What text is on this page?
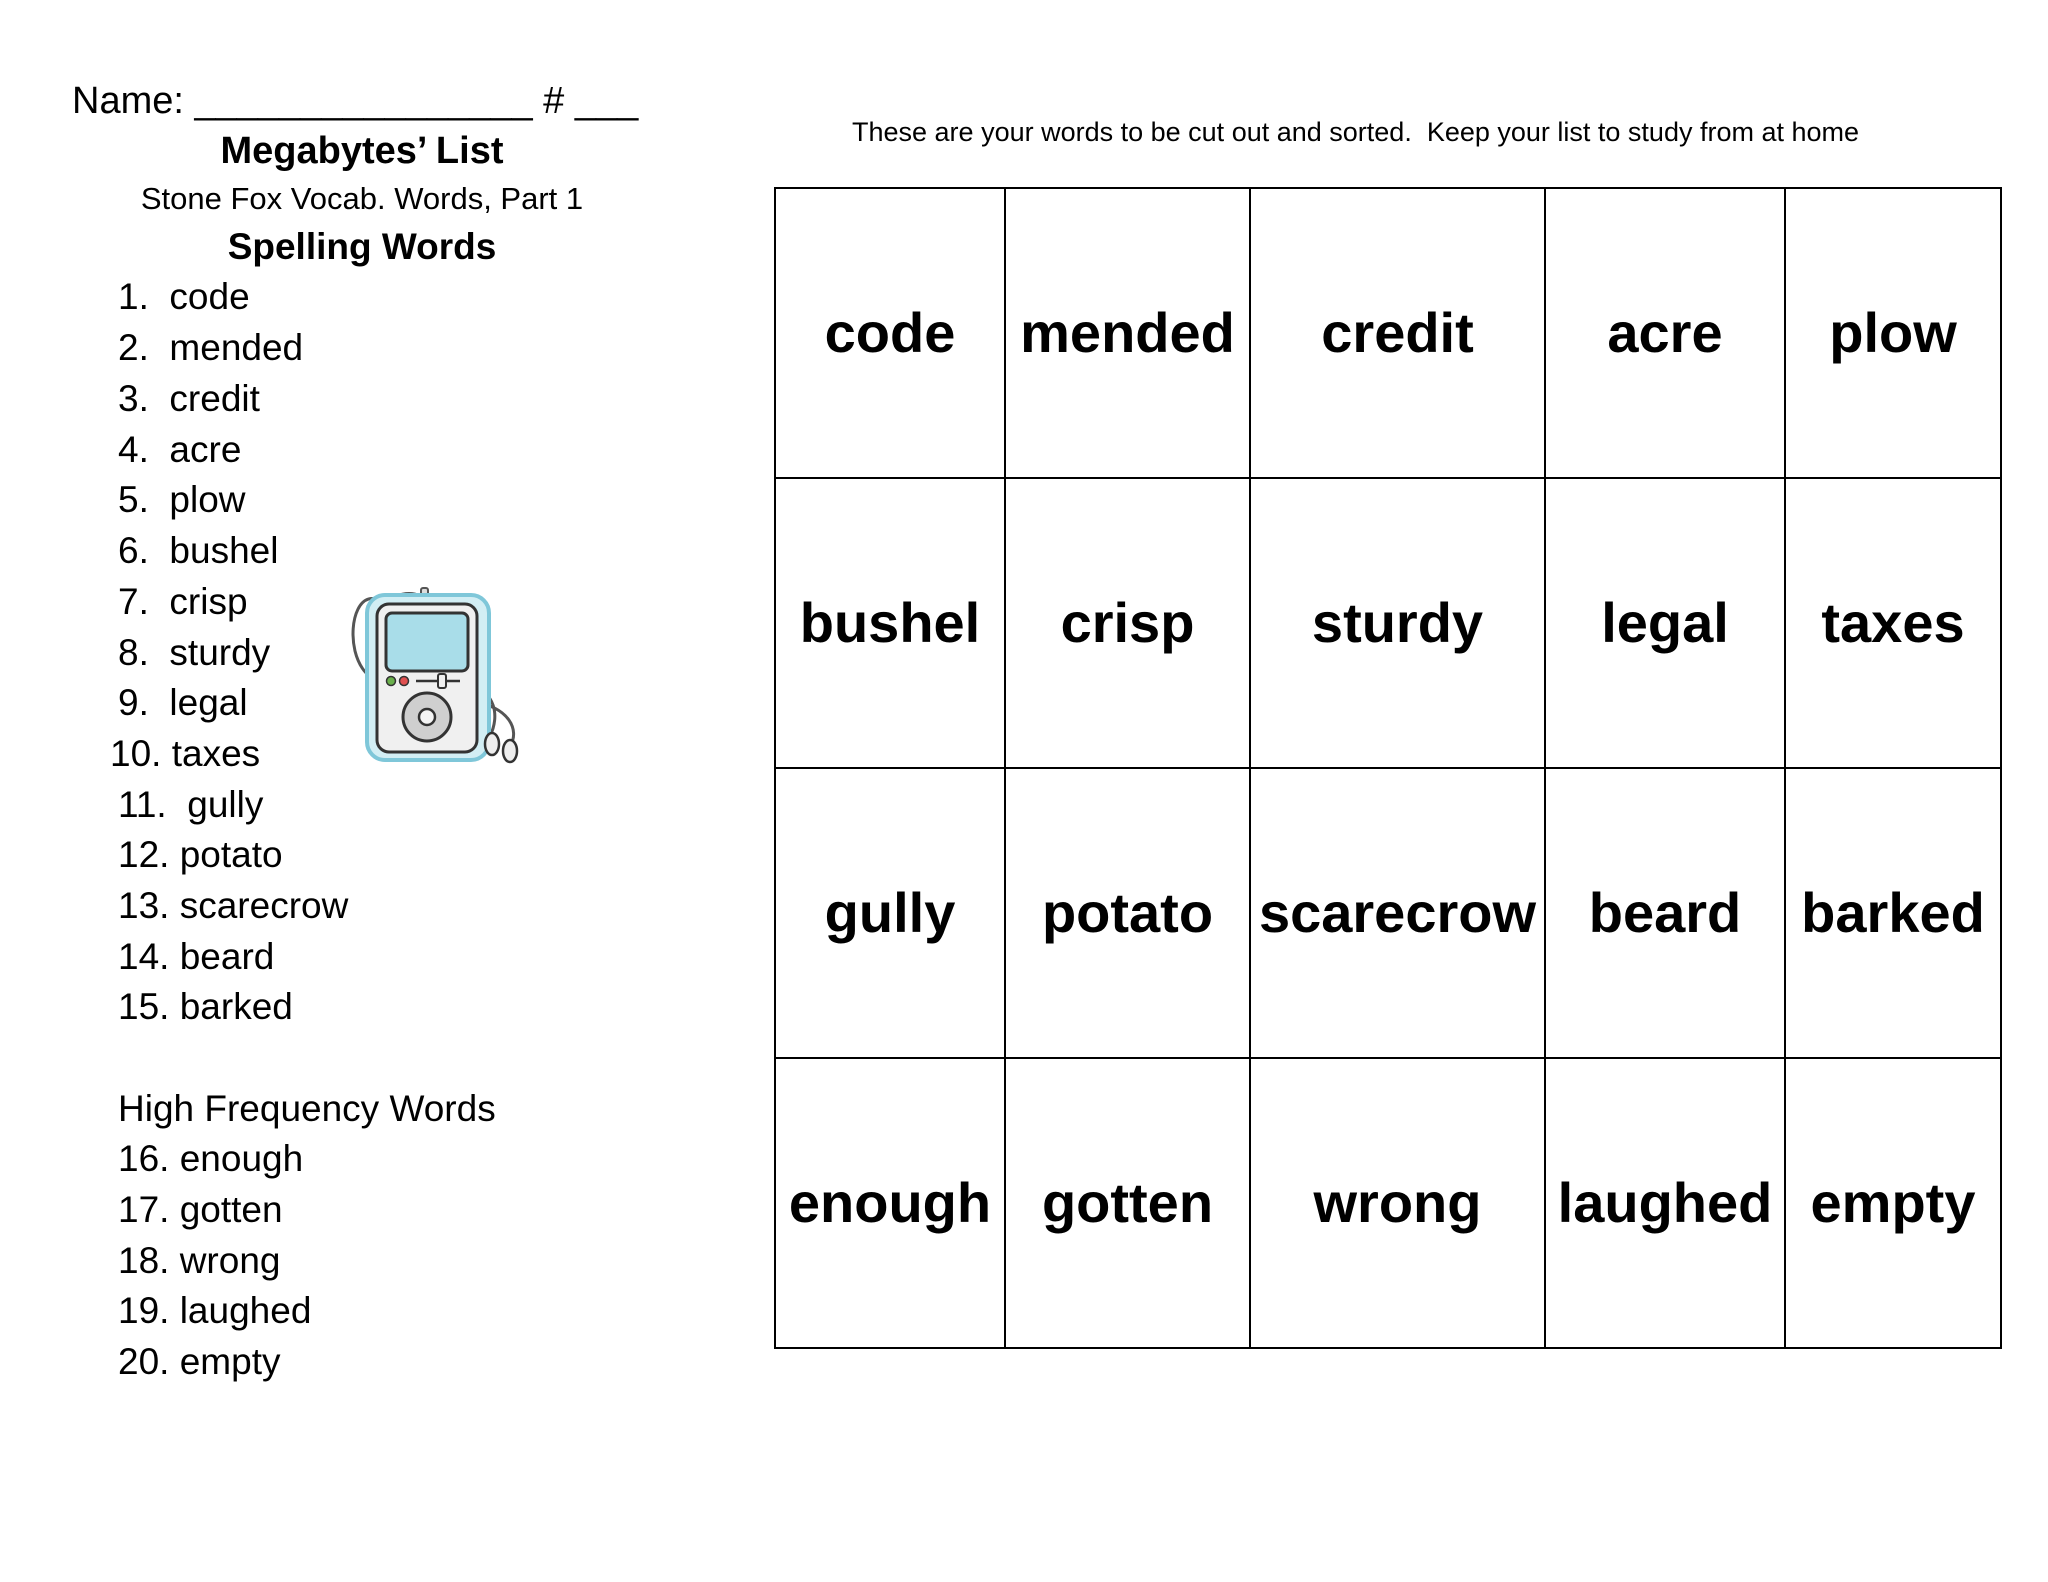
Name: ________________ # ___
Megabytes’ List
Stone Fox Vocab. Words, Part 1
Spelling Words
1.  code
2.  mended
3.  credit
4.  acre
5.  plow
6.  bushel
7.  crisp
8.  sturdy
9.  legal
10. taxes
11.  gully
12. potato
13. scarecrow
14. beard
15. barked
High Frequency Words
16. enough
17. gotten
18. wrong
19. laughed
20. empty
These are your words to be cut out and sorted.  Keep your list to study from at home
code	mended	credit	acre	plow
bushel	crisp	sturdy	legal	taxes
gully	potato	scarecrow	beard	barked
enough	gotten	wrong	laughed	empty
